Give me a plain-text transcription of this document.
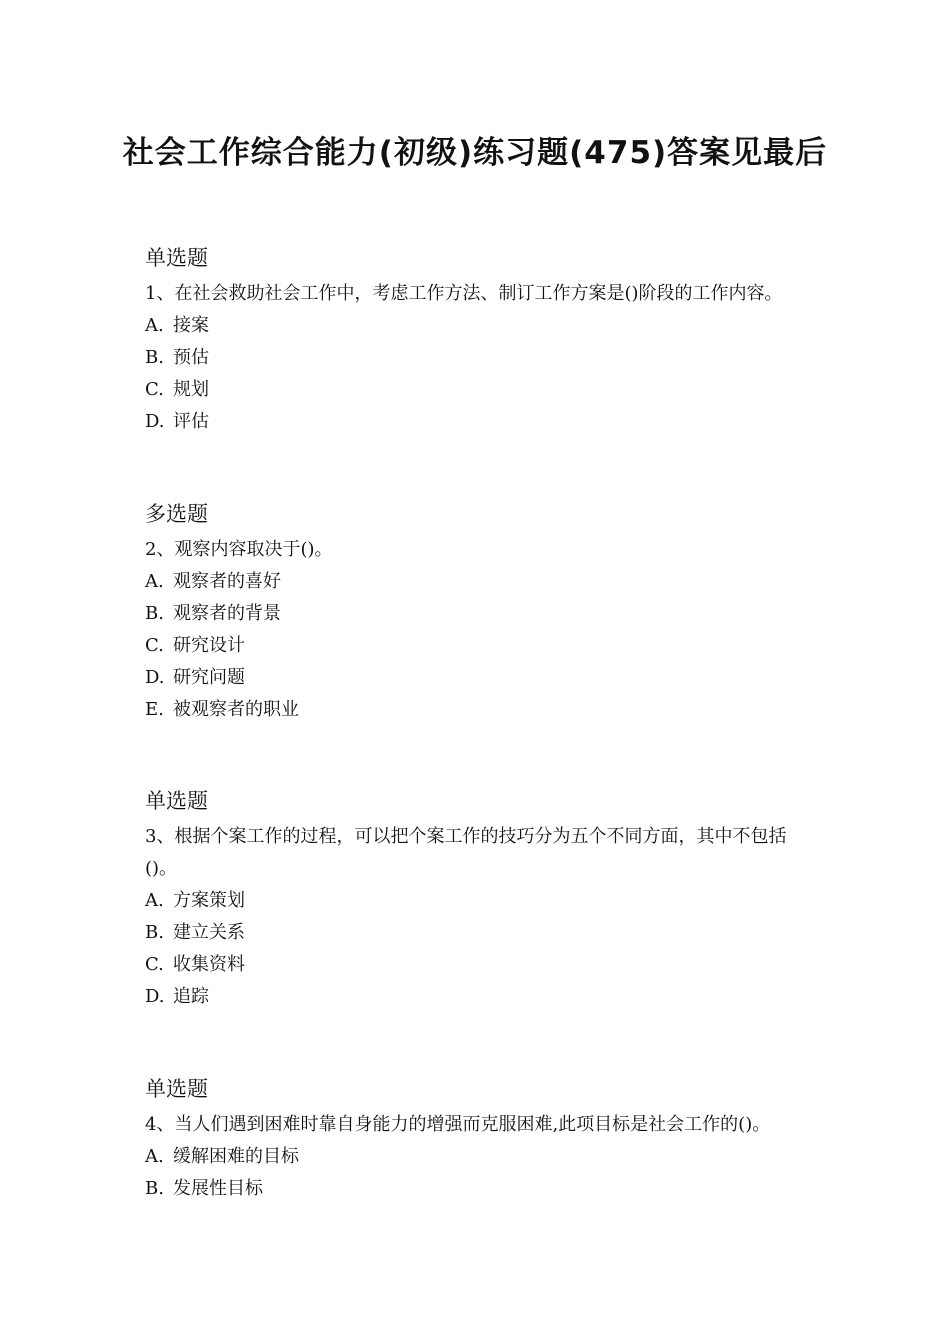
社会工作综合能力(初级)练习题(475)答案见最后

单选题

1、在社会救助社会工作中，考虑工作方法、制订工作方案是()阶段的工作内容。

A. 接案

B. 预估

C. 规划

D. 评估

多选题

2、观察内容取决于()。

A. 观察者的喜好

B. 观察者的背景

C. 研究设计

D. 研究问题

E. 被观察者的职业

单选题

3、根据个案工作的过程，可以把个案工作的技巧分为五个不同方面，其中不包括()。

A. 方案策划

B. 建立关系

C. 收集资料

D. 追踪

单选题

4、当人们遇到困难时靠自身能力的增强而克服困难,此项目标是社会工作的()。

A. 缓解困难的目标

B. 发展性目标
